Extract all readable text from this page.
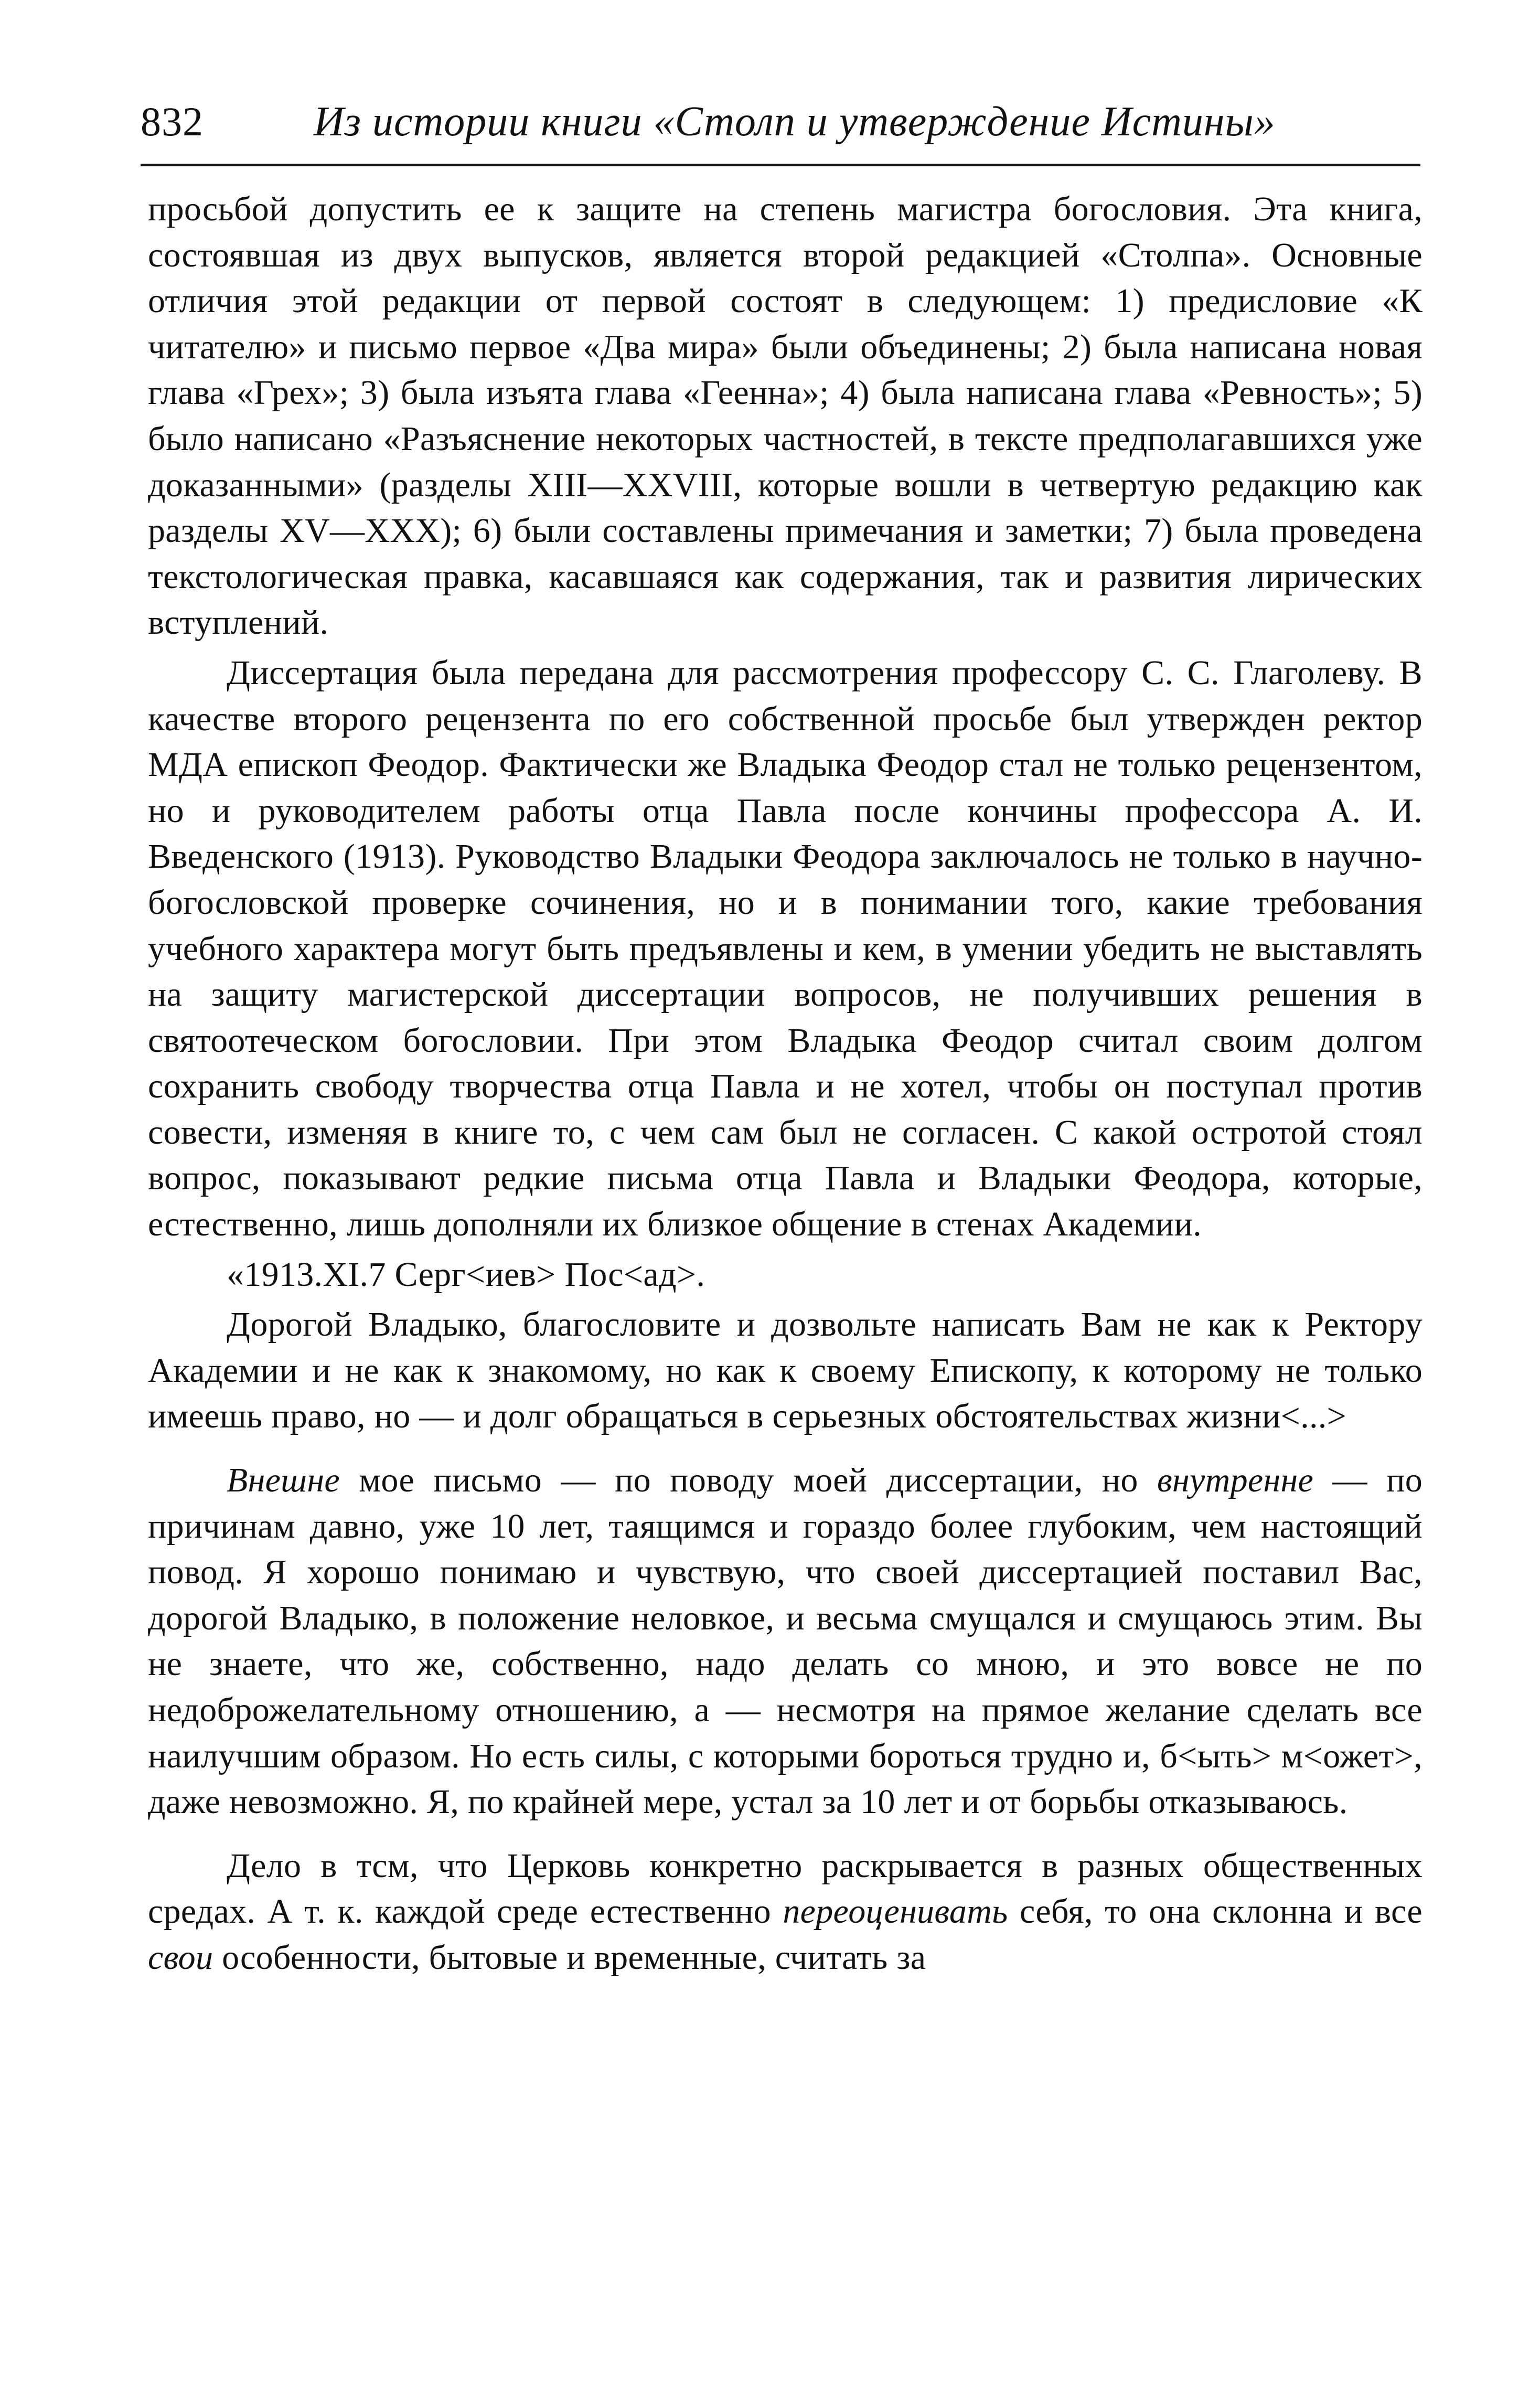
832	Из истории книги «Столп и утверждение Истины»

просьбой допустить ее к защите на степень магистра богословия. Эта книга, состоявшая из двух выпусков, является второй редакцией «Столпа». Основные отличия этой редакции от первой состоят в следующем: 1) предисловие «К читателю» и письмо первое «Два мира» были объединены; 2) была написана новая глава «Грех»; 3) была изъята глава «Геенна»; 4) была написана глава «Ревность»; 5) было написано «Разъяснение некоторых частностей, в тексте предполагавшихся уже доказанными» (разделы XIII—XXVIII, которые вошли в четвертую редакцию как разделы XV—XXX); 6) были составлены примечания и заметки; 7) была проведена текстологическая правка, касавшаяся как содержания, так и развития лирических вступлений.

Диссертация была передана для рассмотрения профессору С. С. Глаголеву. В качестве второго рецензента по его собственной просьбе был утвержден ректор МДА епископ Феодор. Фактически же Владыка Феодор стал не только рецензентом, но и руководителем работы отца Павла после кончины профессора А. И. Введенского (1913). Руководство Владыки Феодора заключалось не только в научно-богословской проверке сочинения, но и в понимании того, какие требования учебного характера могут быть предъявлены и кем, в умении убедить не выставлять на защиту магистерской диссертации вопросов, не получивших решения в святоотеческом богословии. При этом Владыка Феодор считал своим долгом сохранить свободу творчества отца Павла и не хотел, чтобы он поступал против совести, изменяя в книге то, с чем сам был не согласен. С какой остротой стоял вопрос, показывают редкие письма отца Павла и Владыки Феодора, которые, естественно, лишь дополняли их близкое общение в стенах Академии.

«1913.XI.7 Серг<иев> Пос<ад>.

Дорогой Владыко, благословите и дозвольте написать Вам не как к Ректору Академии и не как к знакомому, но как к своему Епископу, к которому не только имеешь право, но — и долг обращаться в серьезных обстоятельствах жизни<...>

Внешне мое письмо — по поводу моей диссертации, но внутренне — по причинам давно, уже 10 лет, таящимся и гораздо более глубоким, чем настоящий повод. Я хорошо понимаю и чувствую, что своей диссертацией поставил Вас, дорогой Владыко, в положение неловкое, и весьма смущался и смущаюсь этим. Вы не знаете, что же, собственно, надо делать со мною, и это вовсе не по недоброжелательному отношению, а — несмотря на прямое желание сделать все наилучшим образом. Но есть силы, с которыми бороться трудно и, б<ыть> м<ожет>, даже невозможно. Я, по крайней мере, устал за 10 лет и от борьбы отказываюсь.

Дело в тсм, что Церковь конкретно раскрывается в разных общественных средах. А т. к. каждой среде естественно переоценивать себя, то она склонна и все свои особенности, бытовые и временные, считать за
